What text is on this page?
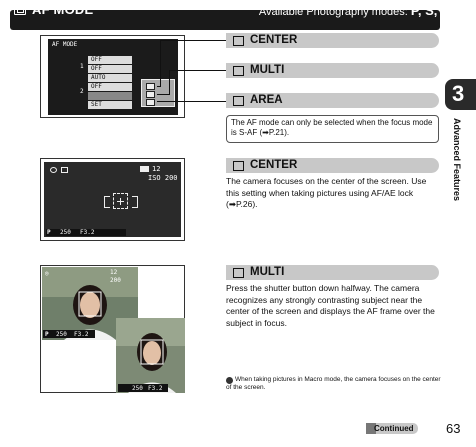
AF MODE	Available Photography modes: P, S, A, M
AF MODE
1
2
OFF
OFF
AUTO
OFF
SET
CENTER
MULTI
AREA
The AF mode can only be selected when the focus mode is S-AF (➡P.21).
3
Advanced Features
12
ISO 200
P 250 F3.2
CENTER
The camera focuses on the center of the screen. Use this setting when taking pictures using AF/AE lock (➡P.26).
◎	12
200
P 250 F3.2
250 F3.2
MULTI
Press the shutter button down halfway. The camera recognizes any strongly contrasting subject near the center of the screen and displays the AF frame over the subject in focus.
When taking pictures in Macro mode, the camera focuses on the center of the screen.
Continued 63
